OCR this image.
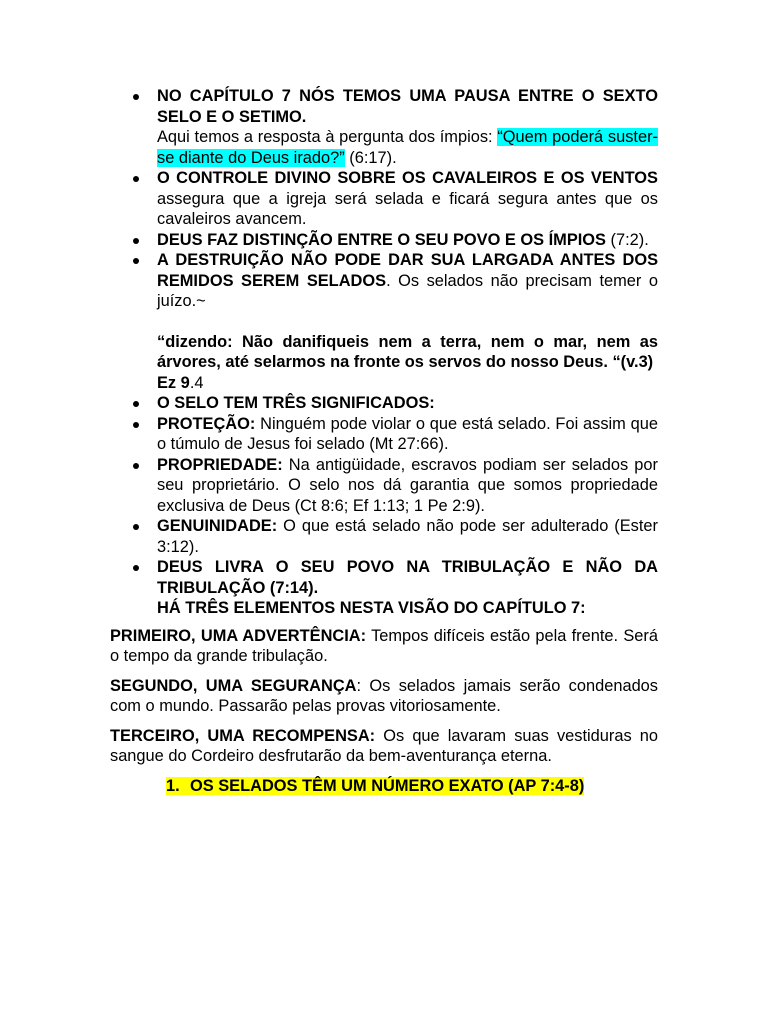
NO CAPÍTULO 7 NÓS TEMOS UMA PAUSA ENTRE O SEXTO SELO E O SETIMO.
Aqui temos a resposta à pergunta dos ímpios: “Quem poderá suster-se diante do Deus irado?” (6:17).
O CONTROLE DIVINO SOBRE OS CAVALEIROS E OS VENTOS assegura que a igreja será selada e ficará segura antes que os cavaleiros avancem.
DEUS FAZ DISTINÇÃO ENTRE O SEU POVO E OS ÍMPIOS (7:2).
A DESTRUIÇÃO NÃO PODE DAR SUA LARGADA ANTES DOS REMIDOS SEREM SELADOS. Os selados não precisam temer o juízo.~
“dizendo: Não danifiqueis nem a terra, nem o mar, nem as árvores, até selarmos na fronte os servos do nosso Deus. “(v.3)
Ez 9.4
O SELO TEM TRÊS SIGNIFICADOS:
PROTEÇÃO: Ninguém pode violar o que está selado. Foi assim que o túmulo de Jesus foi selado (Mt 27:66).
PROPRIEDADE: Na antigüidade, escravos podiam ser selados por seu proprietário. O selo nos dá garantia que somos propriedade exclusiva de Deus (Ct 8:6; Ef 1:13; 1 Pe 2:9).
GENUINIDADE: O que está selado não pode ser adulterado (Ester 3:12).
DEUS LIVRA O SEU POVO NA TRIBULAÇÃO E NÃO DA TRIBULAÇÃO (7:14).
HÁ TRÊS ELEMENTOS NESTA VISÃO DO CAPÍTULO 7:

PRIMEIRO, UMA ADVERTÊNCIA: Tempos difíceis estão pela frente. Será o tempo da grande tribulação.

SEGUNDO, UMA SEGURANÇA: Os selados jamais serão condenados com o mundo. Passarão pelas provas vitoriosamente.

TERCEIRO, UMA RECOMPENSA: Os que lavaram suas vestiduras no sangue do Cordeiro desfrutarão da bem-aventurança eterna.

1. OS SELADOS TÊM UM NÚMERO EXATO (AP 7:4-8)
